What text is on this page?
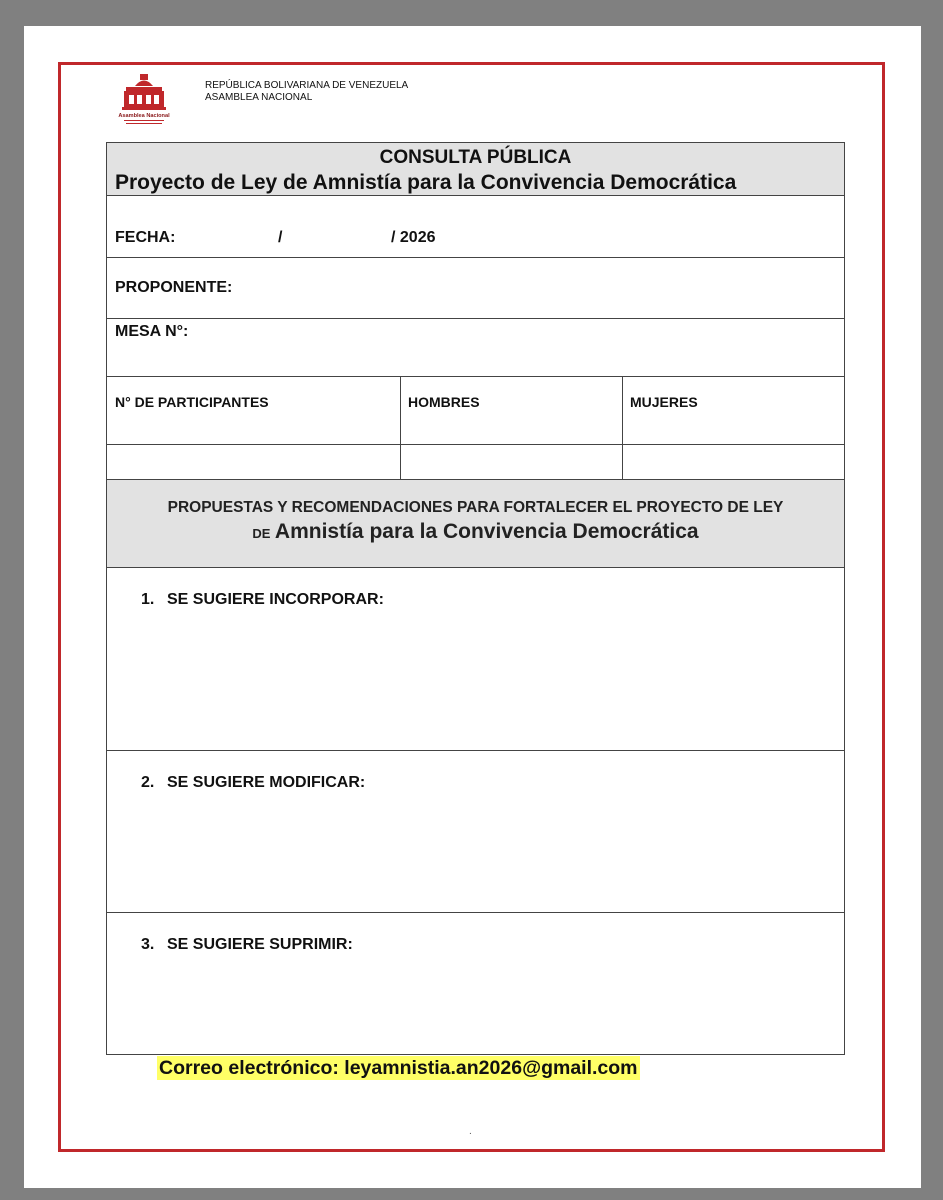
Asamblea Nacional
REPÚBLICA BOLIVARIANA DE VENEZUELA
ASAMBLEA NACIONAL
CONSULTA PÚBLICA
Proyecto de Ley de Amnistía para la Convivencia Democrática
FECHA:	/	/ 2026
PROPONENTE:
MESA N°:
N° DE PARTICIPANTES	HOMBRES	MUJERES
PROPUESTAS Y RECOMENDACIONES PARA FORTALECER EL PROYECTO DE LEY
DE Amnistía para la Convivencia Democrática
1. SE SUGIERE INCORPORAR:
2. SE SUGIERE MODIFICAR:
3. SE SUGIERE SUPRIMIR:
Correo electrónico: leyamnistia.an2026@gmail.com
.
